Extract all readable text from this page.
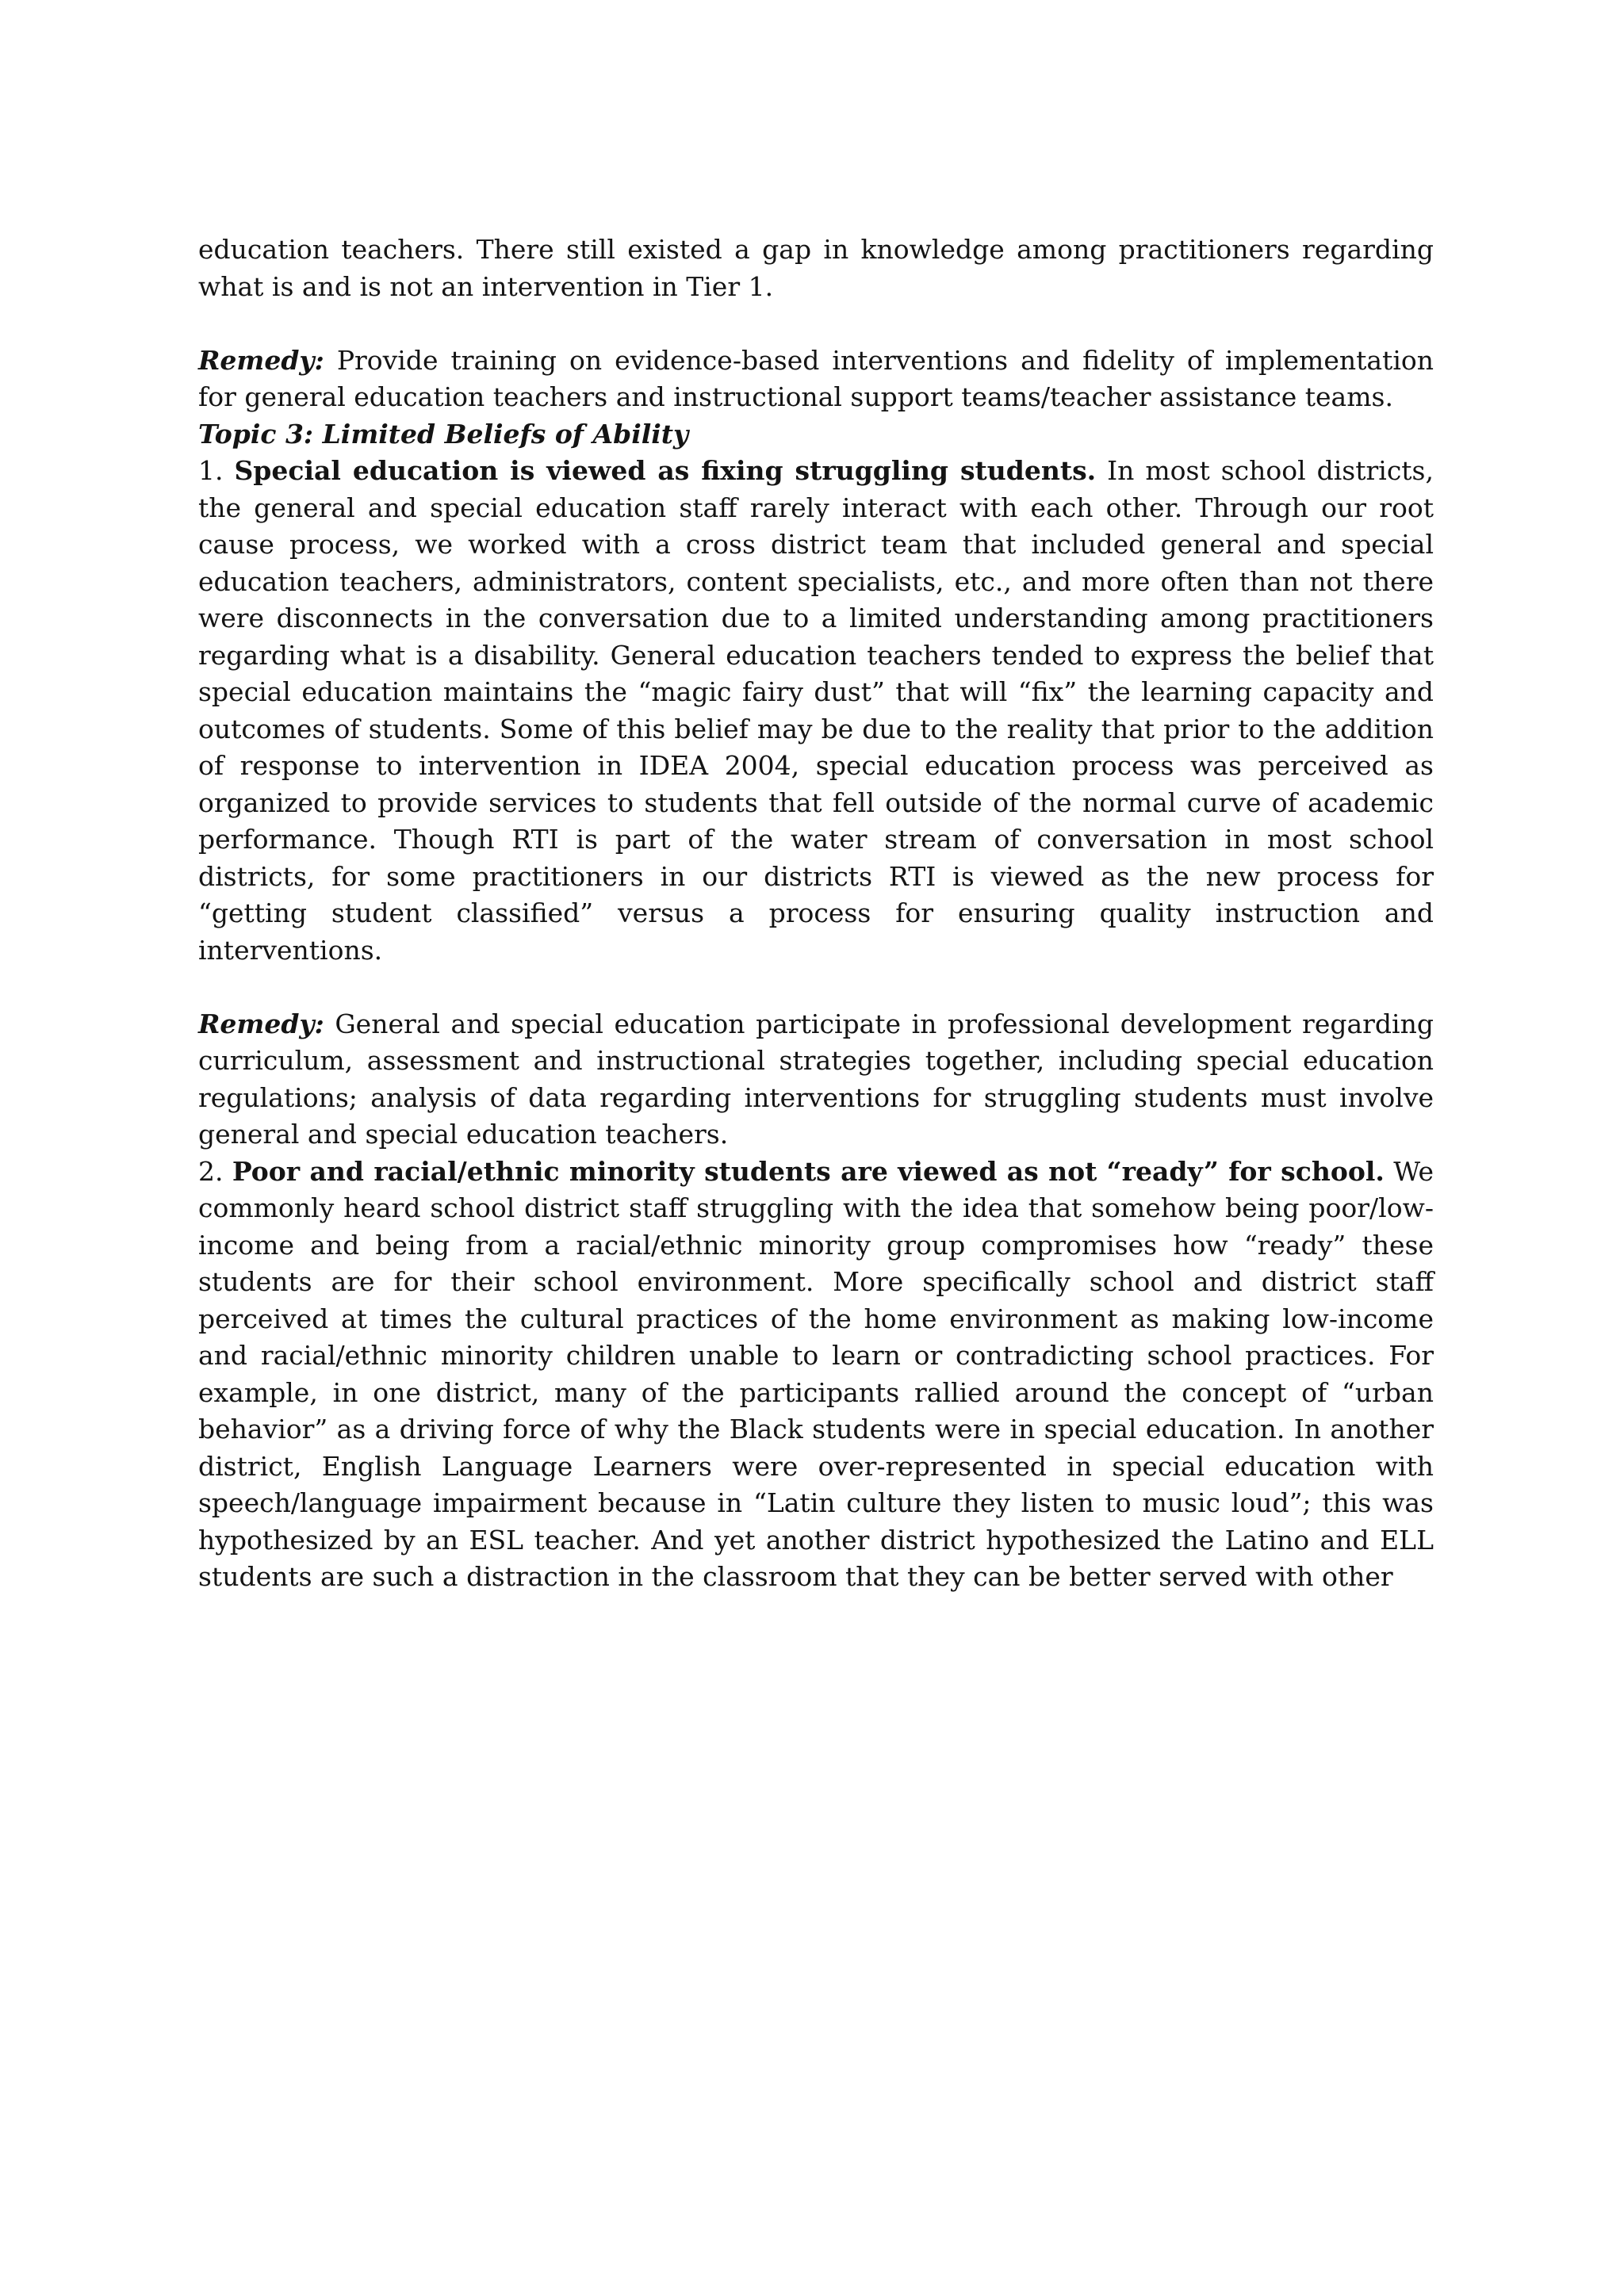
education teachers. There still existed a gap in knowledge among practitioners regarding what is and is not an intervention in Tier 1.

Remedy: Provide training on evidence-based interventions and fidelity of implementation for general education teachers and instructional support teams/teacher assistance teams.

Topic 3: Limited Beliefs of Ability

1. Special education is viewed as fixing struggling students. In most school districts, the general and special education staff rarely interact with each other. Through our root cause process, we worked with a cross district team that included general and special education teachers, administrators, content specialists, etc., and more often than not there were disconnects in the conversation due to a limited understanding among practitioners regarding what is a disability. General education teachers tended to express the belief that special education maintains the “magic fairy dust” that will “fix” the learning capacity and outcomes of students. Some of this belief may be due to the reality that prior to the addition of response to intervention in IDEA 2004, special education process was perceived as organized to provide services to students that fell outside of the normal curve of academic performance. Though RTI is part of the water stream of conversation in most school districts, for some practitioners in our districts RTI is viewed as the new process for “getting student classified” versus a process for ensuring quality instruction and interventions.

Remedy: General and special education participate in professional development regarding curriculum, assessment and instructional strategies together, including special education regulations; analysis of data regarding interventions for struggling students must involve general and special education teachers.

2. Poor and racial/ethnic minority students are viewed as not “ready” for school. We commonly heard school district staff struggling with the idea that somehow being poor/low-income and being from a racial/ethnic minority group compromises how “ready” these students are for their school environment. More specifically school and district staff perceived at times the cultural practices of the home environment as making low-income and racial/ethnic minority children unable to learn or contradicting school practices. For example, in one district, many of the participants rallied around the concept of “urban behavior” as a driving force of why the Black students were in special education. In another district, English Language Learners were over-represented in special education with speech/language impairment because in “Latin culture they listen to music loud”; this was hypothesized by an ESL teacher. And yet another district hypothesized the Latino and ELL students are such a distraction in the classroom that they can be better served with other
